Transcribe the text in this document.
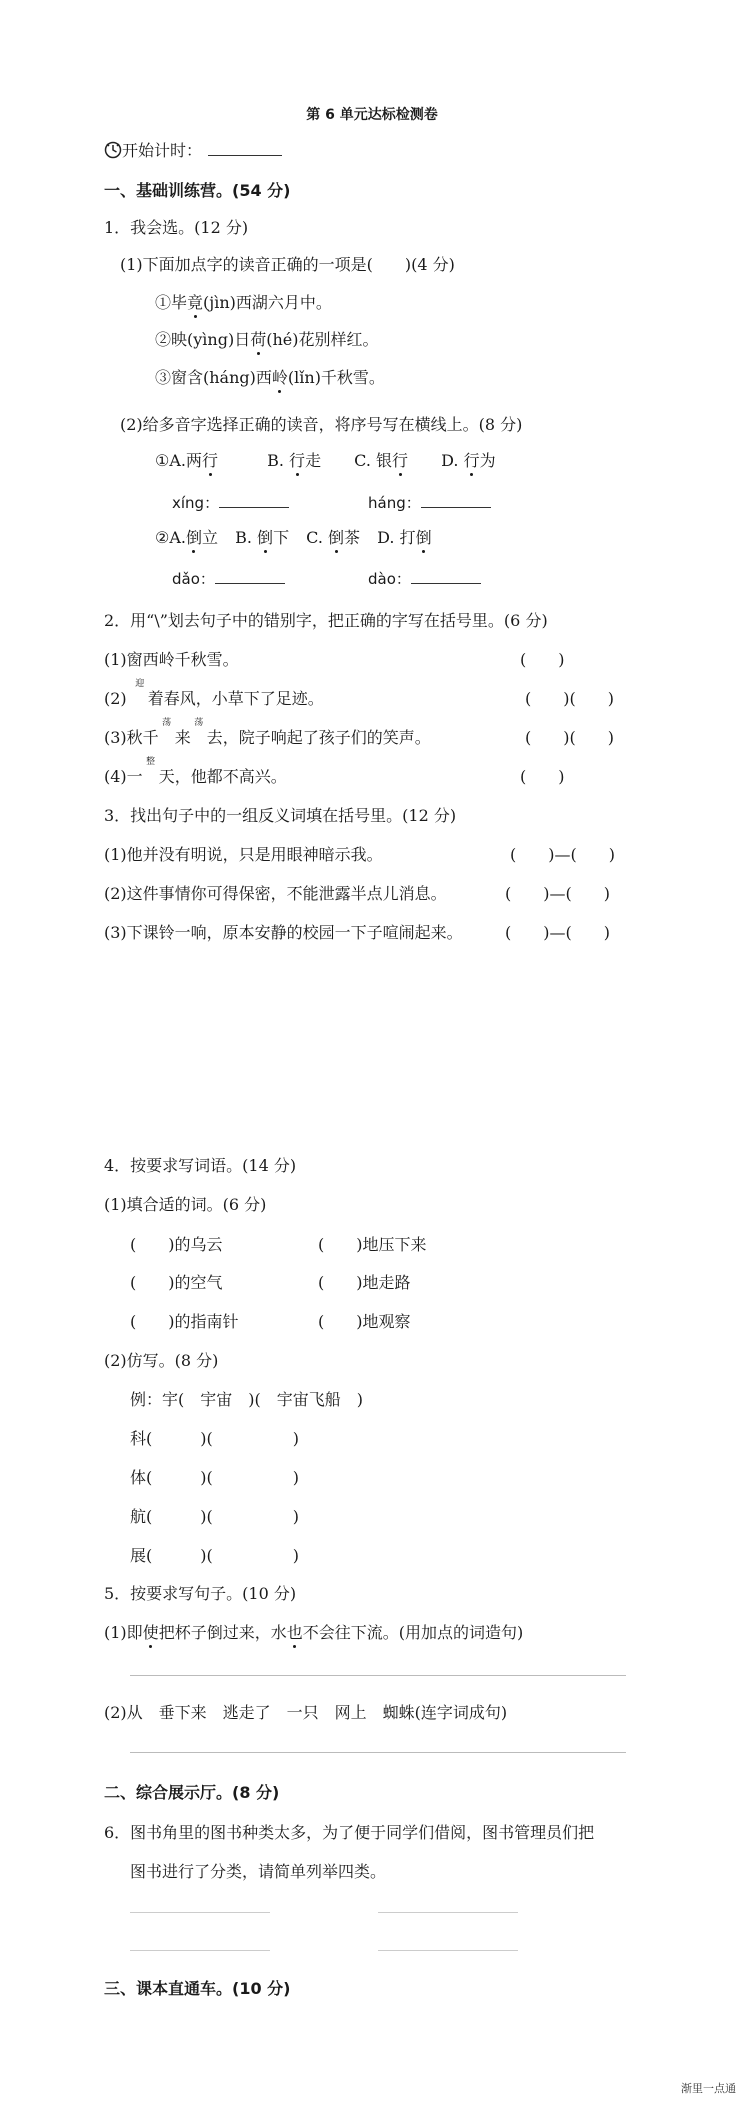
第 6 单元达标检测卷
开始计时：
一、基础训练营。(54 分)
1．我会选。(12 分)
(1)下面加点字的读音正确的一项是(　　)(4 分)
①毕竟(jìn)西湖六月中。
②映(yìng)日荷(hé)花别样红。
③窗含(háng)西岭(lǐn)千秋雪。
(2)给多音字选择正确的读音，将序号写在横线上。(8 分)
①A.两行	B. 行走 C. 银行 D. 行为
xíng：	háng：
②A.倒立 B. 倒下 C. 倒茶 D. 打倒
dǎo：	dào：
2．用“\”划去句子中的错别字，把正确的字写在括号里。(6 分)
(1)窗西岭千秋雪。	(　　)
(2)
迎
着春风，小草下了足迹。	(　　)(　　)
(3)秋千
荡
来
荡
去，院子响起了孩子们的笑声。	(　　)(　　)
(4)一
整
天，他都不高兴。	(　　)
3．找出句子中的一组反义词填在括号里。(12 分)
(1)他并没有明说，只是用眼神暗示我。	(　　)—(　　)
(2)这件事情你可得保密，不能泄露半点儿消息。	(　　)—(　　)
(3)下课铃一响，原本安静的校园一下子喧闹起来。	(　　)—(　　)
4．按要求写词语。(14 分)
(1)填合适的词。(6 分)
(　　)的乌云	(　　)地压下来
(　　)的空气	(　　)地走路
(　　)的指南针	(　　)地观察
(2)仿写。(8 分)
例：宇(　宇宙　)(　宇宙飞船　)
科(　　　)(　　　　　)
体(　　　)(　　　　　)
航(　　　)(　　　　　)
展(　　　)(　　　　　)
5．按要求写句子。(10 分)
(1)即使把杯子倒过来，水也不会往下流。(用加点的词造句)
(2)从　垂下来　逃走了　一只　网上　蜘蛛(连字词成句)
二、综合展示厅。(8 分)
6．图书角里的图书种类太多，为了便于同学们借阅，图书管理员们把
图书进行了分类，请简单列举四类。
三、课本直通车。(10 分)
渐里一点通
